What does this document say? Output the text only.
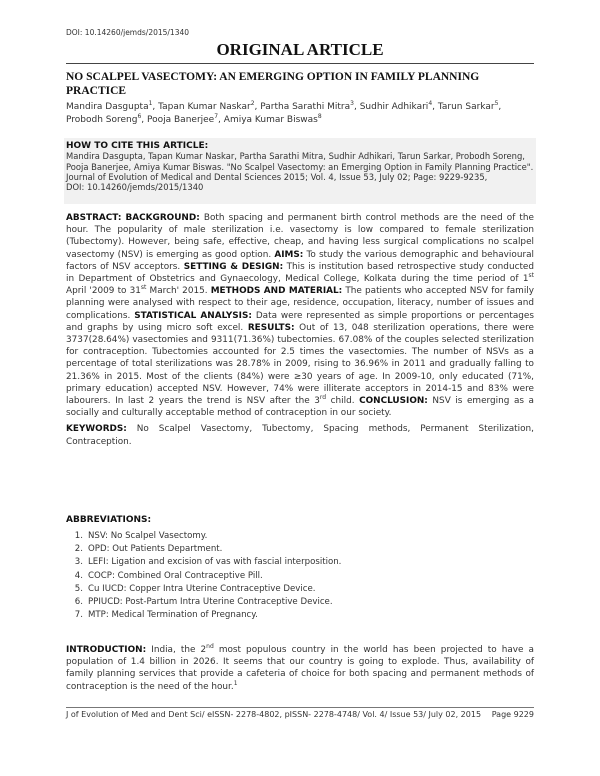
DOI: 10.14260/jemds/2015/1340
ORIGINAL ARTICLE
NO SCALPEL VASECTOMY: AN EMERGING OPTION IN FAMILY PLANNING PRACTICE
Mandira Dasgupta$^1$, Tapan Kumar Naskar$^2$, Partha Sarathi Mitra$^3$, Sudhir Adhikari$^4$, Tarun Sarkar$^5$, Probodh Soreng$^6$, Pooja Banerjee$^7$, Amiya Kumar Biswas$^8$
HOW TO CITE THIS ARTICLE:
Mandira Dasgupta, Tapan Kumar Naskar, Partha Sarathi Mitra, Sudhir Adhikari, Tarun Sarkar, Probodh Soreng, Pooja Banerjee, Amiya Kumar Biswas. "No Scalpel Vasectomy: an Emerging Option in Family Planning Practice". Journal of Evolution of Medical and Dental Sciences 2015; Vol. 4, Issue 53, July 02; Page: 9229-9235,
DOI: 10.14260/jemds/2015/1340

ABSTRACT: BACKGROUND: Both spacing and permanent birth control methods are the need of the hour. The popularity of male sterilization i.e. vasectomy is low compared to female sterilization (Tubectomy). However, being safe, effective, cheap, and having less surgical complications no scalpel vasectomy (NSV) is emerging as good option. AIMS: To study the various demographic and behavioural factors of NSV acceptors. SETTING & DESIGN: This is institution based retrospective study conducted in Department of Obstetrics and Gynaecology, Medical College, Kolkata during the time period of 1st April '2009 to 31st March' 2015. METHODS AND MATERIAL: The patients who accepted NSV for family planning were analysed with respect to their age, residence, occupation, literacy, number of issues and complications. STATISTICAL ANALYSIS: Data were represented as simple proportions or percentages and graphs by using micro soft excel. RESULTS: Out of 13, 048 sterilization operations, there were 3737(28.64%) vasectomies and 9311(71.36%) tubectomies. 67.08% of the couples selected sterilization for contraception. Tubectomies accounted for 2.5 times the vasectomies. The number of NSVs as a percentage of total sterilizations was 28.78% in 2009, rising to 36.96% in 2011 and gradually falling to 21.36% in 2015. Most of the clients (84%) were ≥30 years of age. In 2009-10, only educated (71%, primary education) accepted NSV. However, 74% were illiterate acceptors in 2014-15 and 83% were labourers. In last 2 years the trend is NSV after the 3rd child. CONCLUSION: NSV is emerging as a socially and culturally acceptable method of contraception in our society.

KEYWORDS: No Scalpel Vasectomy, Tubectomy, Spacing methods, Permanent Sterilization, Contraception.

ABBREVIATIONS:
1. NSV: No Scalpel Vasectomy.
2. OPD: Out Patients Department.
3. LEFI: Ligation and excision of vas with fascial interposition.
4. COCP: Combined Oral Contraceptive Pill.
5. Cu IUCD: Copper Intra Uterine Contraceptive Device.
6. PPIUCD: Post-Partum Intra Uterine Contraceptive Device.
7. MTP: Medical Termination of Pregnancy.
INTRODUCTION: India, the 2nd most populous country in the world has been projected to have a population of 1.4 billion in 2026. It seems that our country is going to explode. Thus, availability of family planning services that provide a cafeteria of choice for both spacing and permanent methods of contraception is the need of the hour.$^1$
J of Evolution of Med and Dent Sci/ eISSN- 2278-4802, pISSN- 2278-4748/ Vol. 4/ Issue 53/ July 02, 2015 Page 9229
